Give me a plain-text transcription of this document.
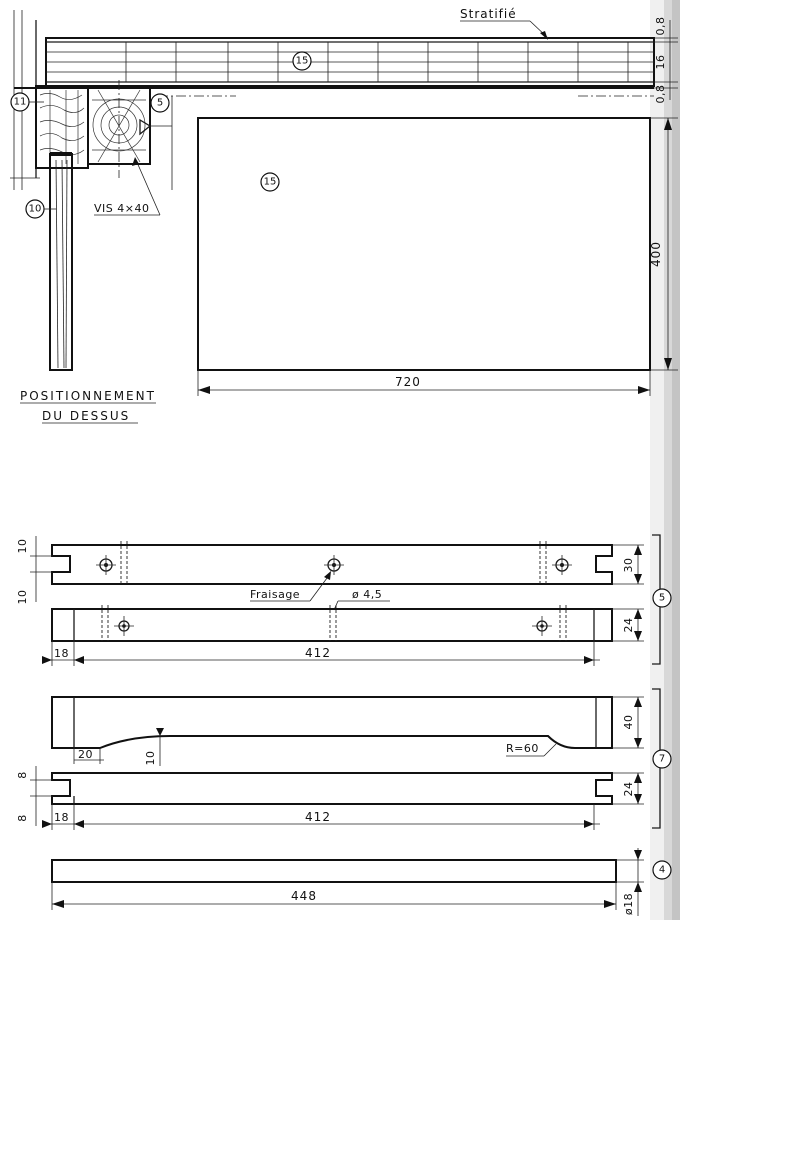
15
Stratifié
0,8
16
0,8
11
10
5
VIS 4×40
POSITIONNEMENT
DU DESSUS
15
400
720
10
10
30
Fraisage	ø 4,5
24
18	412
5
40
20	10
R=60
8
8
24
18	412
7
448	ø18
4
